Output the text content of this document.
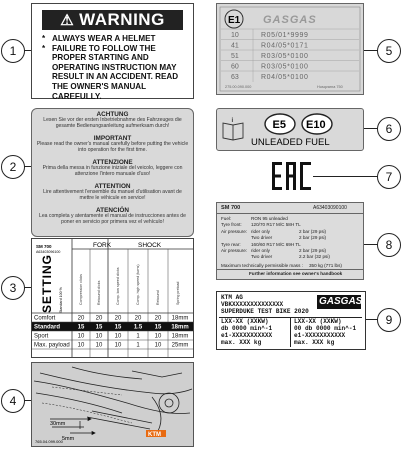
1
⚠ WARNING
* ALWAYS WEAR A HELMET
* FAILURE TO FOLLOW THE PROPER STARTING AND OPERATING INSTRUCTION MAY RESULT IN AN ACCIDENT. READ THE OWNER'S MANUAL CAREFULLY.
2
ACHTUNG
Lesen Sie vor der ersten Inbetriebnahme des Fahrzeuges die gesamte Bedienungsanleitung aufmerksam durch!
IMPORTANT
Please read the owner's manual carefully before putting the vehicle into operation for the first time.
ATTENZIONE
Prima della messa in funzione iniziale del veicolo, leggere con attenzione l'intero manuale d'uso!
ATTENTION
Lire attentivement l'ensemble du manuel d'utilisation avant de mettre le véhicule en service!
ATENCIÓN
Lea completa y atentamente el manual de instrucciones antes de poner en servicio por primera vez el vehículo!
3
SM 700
A63403096100
SETTING Standard 100 %
FORK	SHOCK
Compression clicks	Rebound clicks	Comp. low speed clicks	Comp. high speed (turns)	Rebound	Spring preload
Comfort	20 20 20 20 20 18mm
Standard	15 15 15 1.5 15 18mm
Sport	10 10 10 1 10 18mm
Max. payload 10 10 10 1 10 25mm
4
30mm
5mm
KTM
765.04.099.000
5
E1 GASGAS
10	R05/01*9999
41	R04/05*0171
51	R03/05*0100
60	R03/05*0100
63	R04/05*0100
275.00.090.000	Husqvarna 750
6
i	E5 E10
UNLEADED FUEL
7
8
SM 700	A63403090100
Fuel:	RON 95 unleaded
Tyre front: 120/70 R17 M/C 58H TL
Air pressure: rider only	2 bar (29 psi)
Two driver	2 bar (29 psi)
Tyre rear: 160/60 R17 M/C 69H TL
Air pressure: rider only	2 bar (29 psi)
Two driver	2.2 bar (32 psi)
Maximum technically permissible mass : 350 kg (771 lbs)
Further information see owner's handbook
9
KTM AG
VBKXXXXXXXXXXXXXX
SUPERDUKE TEST BIKE 2020
GASGAS
LXX-XX (XXKW)
db 0000 min^-1
e1-XXXXXXXXXXX
max. XXX kg
LXX-XX (XXKW)
00 db 0000 min^-1
e1-XXXXXXXXXXX
max. XXX kg
